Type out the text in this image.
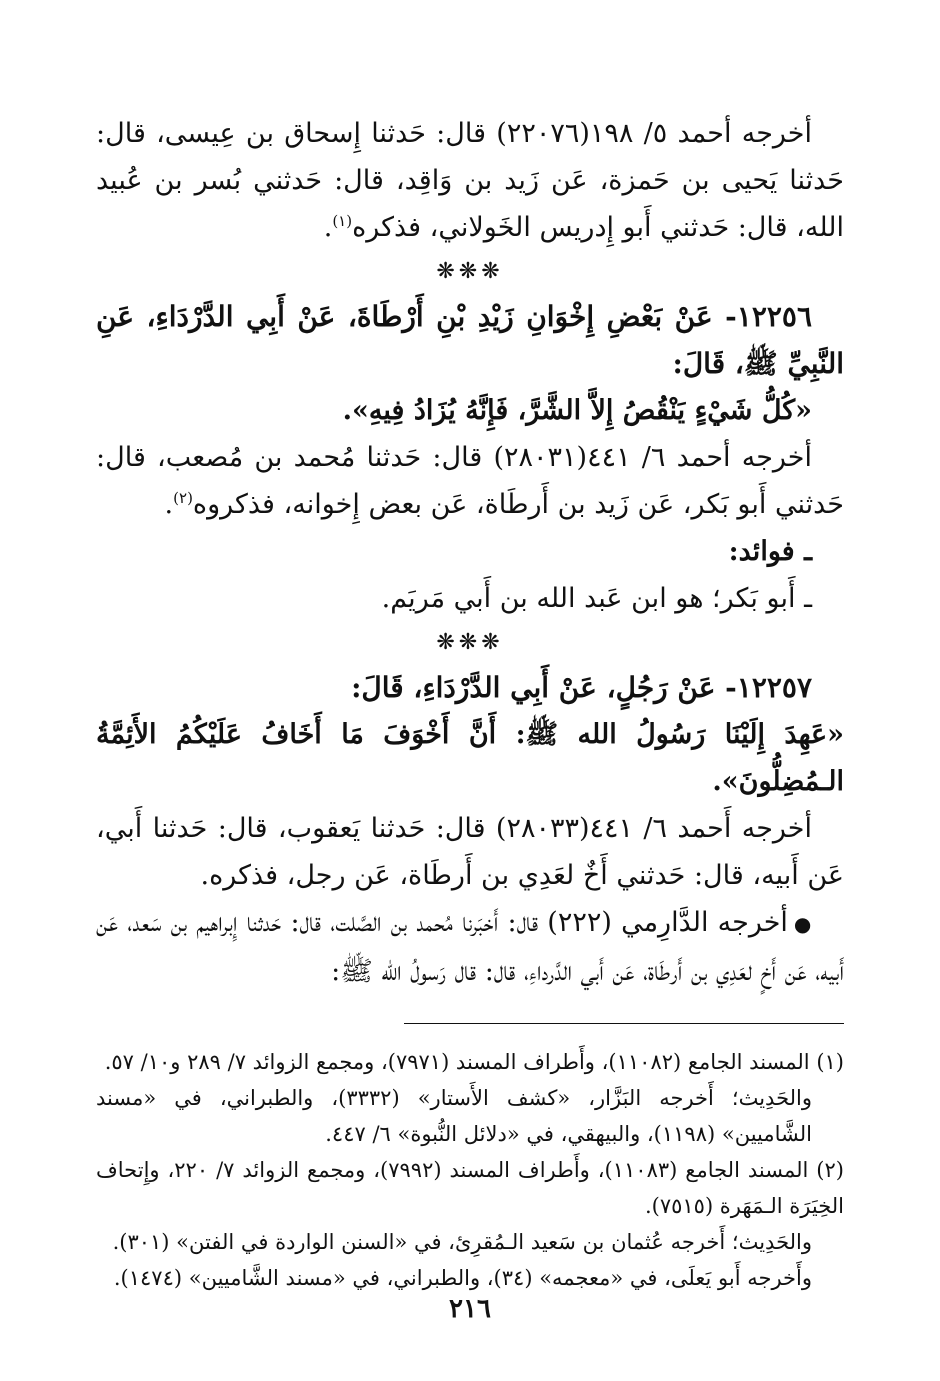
أخرجه أحمد ٥/ ١٩٨(٢٢٠٧٦) قال: حَدثنا إِسحاق بن عِيسى، قال: حَدثنا يَحيى بن حَمزة، عَن زَيد بن وَاقِد، قال: حَدثني بُسر بن عُبيد الله، قال: حَدثني أَبو إِدريس الخَولاني، فذكره$^{(١)}$.

❋❋❋

١٢٢٥٦- عَنْ بَعْضِ إِخْوَانِ زَيْدِ بْنِ أَرْطَاةَ، عَنْ أَبِي الدَّرْدَاءِ، عَنِ النَّبِيِّ ﷺ، قَالَ:

«كُلُّ شَيْءٍ يَنْقُصُ إِلاَّ الشَّرَّ، فَإِنَّهُ يُزَادُ فِيهِ».

أخرجه أحمد ٦/ ٤٤١(٢٨٠٣١) قال: حَدثنا مُحمد بن مُصعب، قال: حَدثني أَبو بَكر، عَن زَيد بن أَرطَاة، عَن بعض إِخوانه، فذكروه$^{(٢)}$.

ـ فوائد:

ـ أَبو بَكر؛ هو ابن عَبد الله بن أَبي مَريَم.

❋❋❋

١٢٢٥٧- عَنْ رَجُلٍ، عَنْ أَبِي الدَّرْدَاءِ، قَالَ:

«عَهِدَ إِلَيْنَا رَسُولُ الله ﷺ: أَنَّ أَخْوَفَ مَا أَخَافُ عَلَيْكُمُ الأَئِمَّةُ الـمُضِلُّونَ».

أخرجه أَحمد ٦/ ٤٤١(٢٨٠٣٣) قال: حَدثنا يَعقوب، قال: حَدثنا أَبي، عَن أَبيه، قال: حَدثني أَخٌ لعَدِي بن أَرطَاة، عَن رجل، فذكره.

●أخرجه الدَّارِمي (٢٢٢) قال: أَخبَرنا مُحمد بن الصَّلت، قال: حَدثنا إِبراهيم بن سَعد، عَن أَبيه، عَن أَخٍ لعَدِي بن أَرطَاة، عَن أَبي الدَّرداءِ، قال: قال رَسولُ الله ﷺ:

(١) المسند الجامع (١١٠٨٢)، وأَطراف المسند (٧٩٧١)، ومجمع الزوائد ٧/ ٢٨٩ و١٠/ ٥٧.

والحَدِيث؛ أَخرجه البَزَّار، «كشف الأَستار» (٣٣٣٢)، والطبراني، في «مسند الشَّاميين» (١١٩٨)، والبيهقي، في «دلائل النُّبوة» ٦/ ٤٤٧.

(٢) المسند الجامع (١١٠٨٣)، وأَطراف المسند (٧٩٩٢)، ومجمع الزوائد ٧/ ٢٢٠، وإِتحاف الخِيَرَة الـمَهَرة (٧٥١٥).

والحَدِيث؛ أَخرجه عُثمان بن سَعيد الـمُقرِئ، في «السنن الواردة في الفتن» (٣٠١).

وأَخرجه أَبو يَعلَى، في «معجمه» (٣٤)، والطبراني، في «مسند الشَّاميين» (١٤٧٤).

٢١٦
